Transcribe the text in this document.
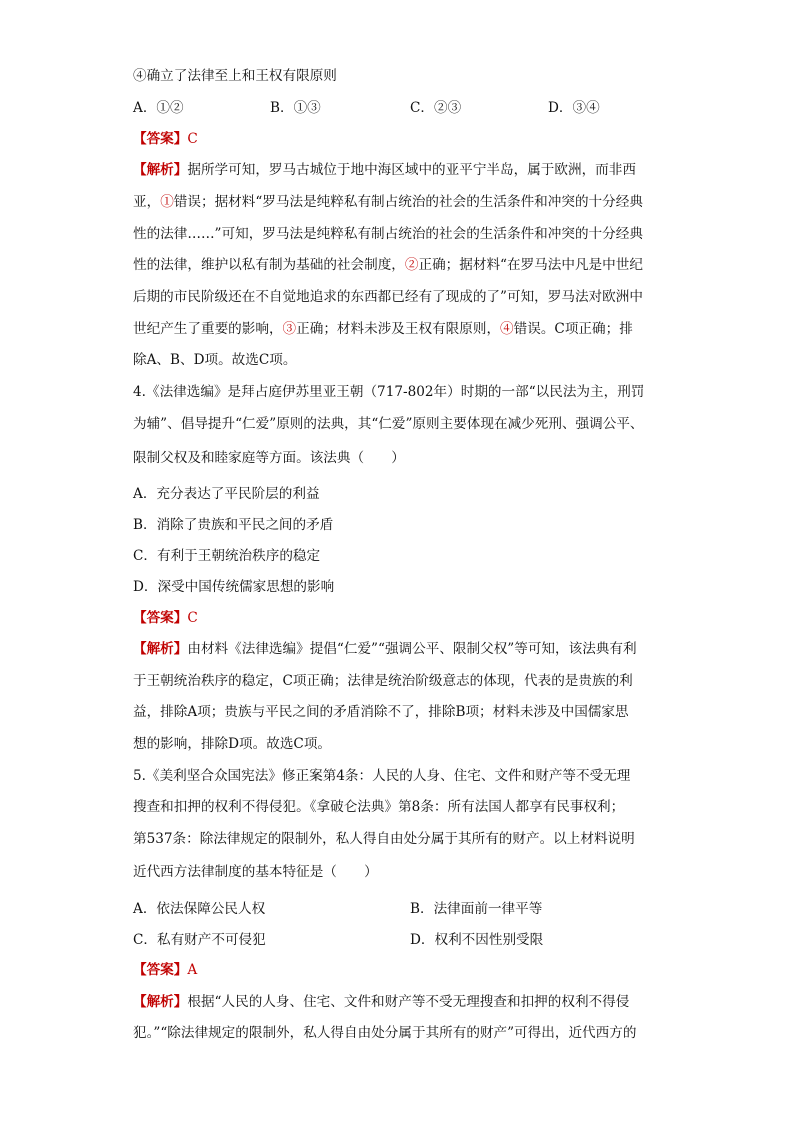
④确立了法律至上和王权有限原则
A．①②	B．①③	C．②③	D．③④
【答案】C
【解析】据所学可知，罗马古城位于地中海区域中的亚平宁半岛，属于欧洲，而非西
亚，①错误；据材料“罗马法是纯粹私有制占统治的社会的生活条件和冲突的十分经典
性的法律……”可知，罗马法是纯粹私有制占统治的社会的生活条件和冲突的十分经典
性的法律，维护以私有制为基础的社会制度，②正确；据材料“在罗马法中凡是中世纪
后期的市民阶级还在不自觉地追求的东西都已经有了现成的了”可知，罗马法对欧洲中
世纪产生了重要的影响，③正确；材料未涉及王权有限原则，④错误。C项正确；排
除A、B、D项。故选C项。
4.《法律选编》是拜占庭伊苏里亚王朝（717-802年）时期的一部“以民法为主，刑罚
为辅”、倡导提升“仁爱”原则的法典，其“仁爱”原则主要体现在减少死刑、强调公平、
限制父权及和睦家庭等方面。该法典（　　）
A．充分表达了平民阶层的利益
B．消除了贵族和平民之间的矛盾
C．有利于王朝统治秩序的稳定
D．深受中国传统儒家思想的影响
【答案】C
【解析】由材料《法律选编》提倡“仁爱”“强调公平、限制父权”等可知，该法典有利
于王朝统治秩序的稳定，C项正确；法律是统治阶级意志的体现，代表的是贵族的利
益，排除A项；贵族与平民之间的矛盾消除不了，排除B项；材料未涉及中国儒家思
想的影响，排除D项。故选C项。
5.《美利坚合众国宪法》修正案第4条：人民的人身、住宅、文件和财产等不受无理
搜查和扣押的权利不得侵犯。《拿破仑法典》第8条：所有法国人都享有民事权利；
第537条：除法律规定的限制外，私人得自由处分属于其所有的财产。以上材料说明
近代西方法律制度的基本特征是（　　）
A．依法保障公民人权	B．法律面前一律平等
C．私有财产不可侵犯	D．权利不因性别受限
【答案】A
【解析】根据“人民的人身、住宅、文件和财产等不受无理搜查和扣押的权利不得侵
犯。”“除法律规定的限制外，私人得自由处分属于其所有的财产”可得出，近代西方的
